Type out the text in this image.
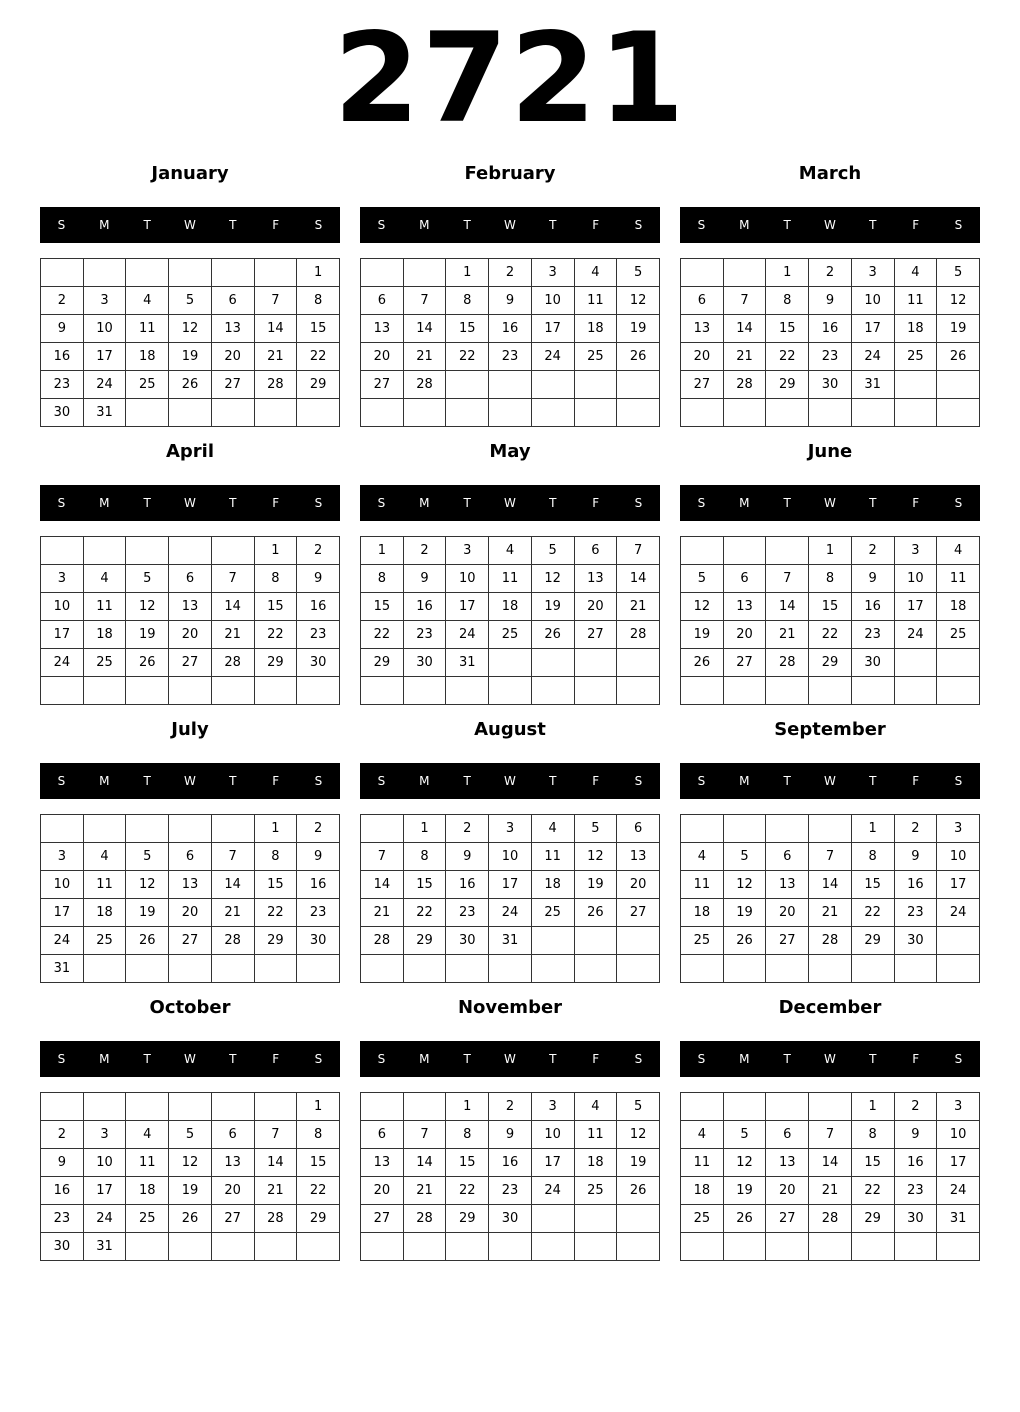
2721
January
S	M	T	W	T	F	S
						1
2	3	4	5	6	7	8
9	10	11	12	13	14	15
16	17	18	19	20	21	22
23	24	25	26	27	28	29
30	31					
February
S	M	T	W	T	F	S
		1	2	3	4	5
6	7	8	9	10	11	12
13	14	15	16	17	18	19
20	21	22	23	24	25	26
27	28					

March
S	M	T	W	T	F	S
		1	2	3	4	5
6	7	8	9	10	11	12
13	14	15	16	17	18	19
20	21	22	23	24	25	26
27	28	29	30	31		

April
S	M	T	W	T	F	S
					1	2
3	4	5	6	7	8	9
10	11	12	13	14	15	16
17	18	19	20	21	22	23
24	25	26	27	28	29	30

May
S	M	T	W	T	F	S
1	2	3	4	5	6	7
8	9	10	11	12	13	14
15	16	17	18	19	20	21
22	23	24	25	26	27	28
29	30	31				

June
S	M	T	W	T	F	S
			1	2	3	4
5	6	7	8	9	10	11
12	13	14	15	16	17	18
19	20	21	22	23	24	25
26	27	28	29	30		

July
S	M	T	W	T	F	S
					1	2
3	4	5	6	7	8	9
10	11	12	13	14	15	16
17	18	19	20	21	22	23
24	25	26	27	28	29	30
31						
August
S	M	T	W	T	F	S
	1	2	3	4	5	6
7	8	9	10	11	12	13
14	15	16	17	18	19	20
21	22	23	24	25	26	27
28	29	30	31			

September
S	M	T	W	T	F	S
				1	2	3
4	5	6	7	8	9	10
11	12	13	14	15	16	17
18	19	20	21	22	23	24
25	26	27	28	29	30	

October
S	M	T	W	T	F	S
						1
2	3	4	5	6	7	8
9	10	11	12	13	14	15
16	17	18	19	20	21	22
23	24	25	26	27	28	29
30	31					
November
S	M	T	W	T	F	S
		1	2	3	4	5
6	7	8	9	10	11	12
13	14	15	16	17	18	19
20	21	22	23	24	25	26
27	28	29	30			

December
S	M	T	W	T	F	S
				1	2	3
4	5	6	7	8	9	10
11	12	13	14	15	16	17
18	19	20	21	22	23	24
25	26	27	28	29	30	31
